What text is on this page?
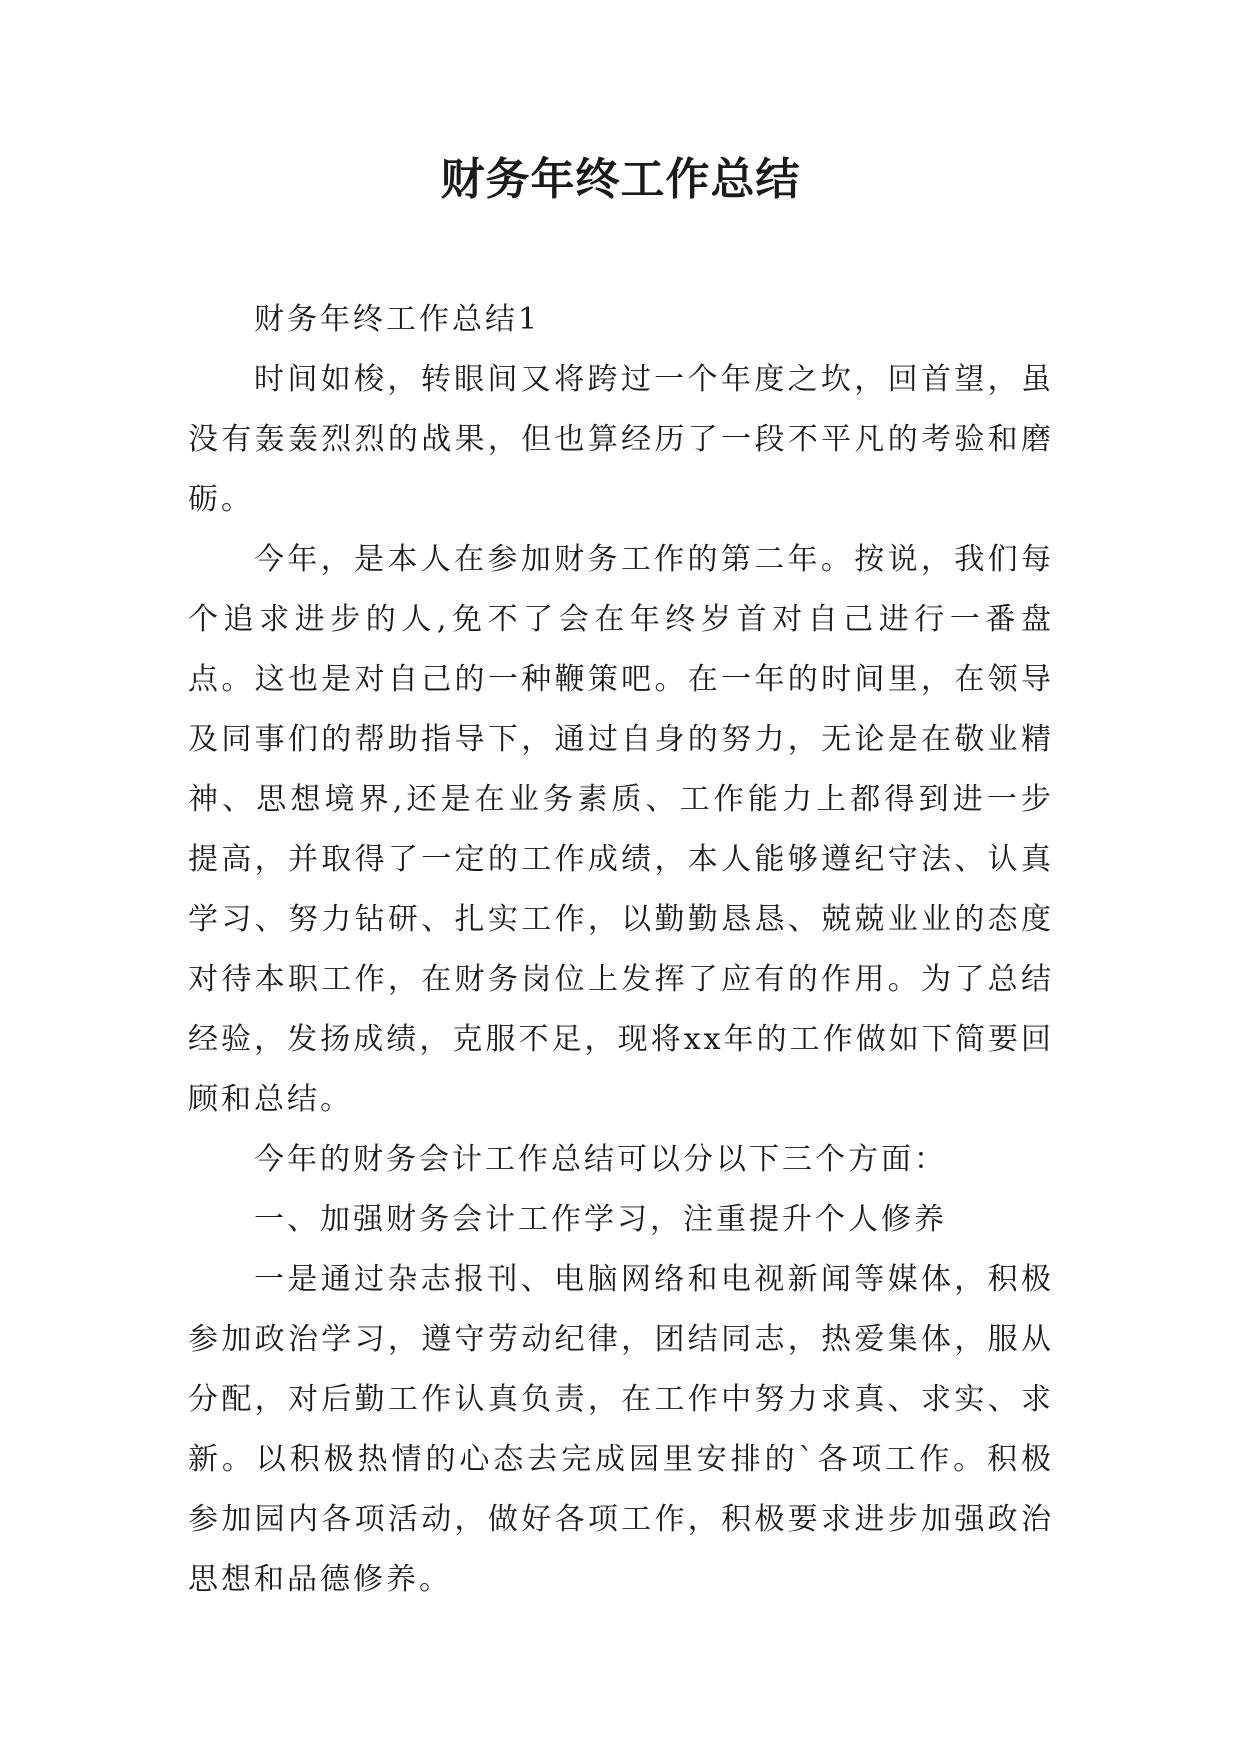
财务年终工作总结

财务年终工作总结1

时间如梭，转眼间又将跨过一个年度之坎，回首望，虽没有轰轰烈烈的战果，但也算经历了一段不平凡的考验和磨砺。

今年，是本人在参加财务工作的第二年。按说，我们每个追求进步的人,免不了会在年终岁首对自己进行一番盘点。这也是对自己的一种鞭策吧。在一年的时间里，在领导及同事们的帮助指导下，通过自身的努力，无论是在敬业精神、思想境界,还是在业务素质、工作能力上都得到进一步提高，并取得了一定的工作成绩，本人能够遵纪守法、认真学习、努力钻研、扎实工作，以勤勤恳恳、兢兢业业的态度对待本职工作，在财务岗位上发挥了应有的作用。为了总结经验，发扬成绩，克服不足，现将xx年的工作做如下简要回顾和总结。

今年的财务会计工作总结可以分以下三个方面：

一、加强财务会计工作学习，注重提升个人修养

一是通过杂志报刊、电脑网络和电视新闻等媒体，积极参加政治学习，遵守劳动纪律，团结同志，热爱集体，服从分配，对后勤工作认真负责，在工作中努力求真、求实、求新。以积极热情的心态去完成园里安排的`各项工作。积极参加园内各项活动，做好各项工作，积极要求进步加强政治思想和品德修养。
